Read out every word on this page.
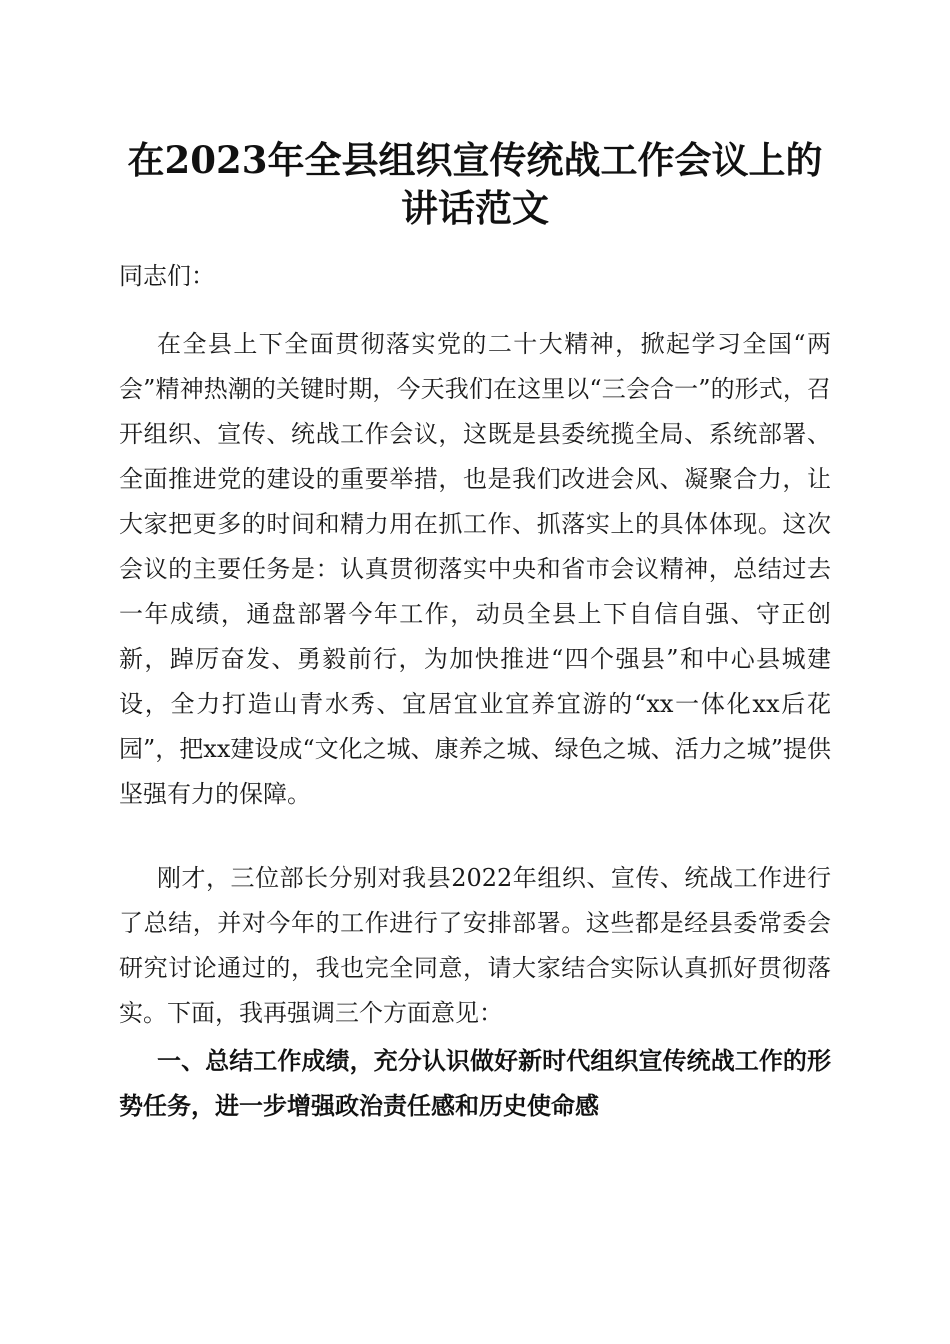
在2023年全县组织宣传统战工作会议上的讲话范文

同志们：

在全县上下全面贯彻落实党的二十大精神，掀起学习全国“两会”精神热潮的关键时期，今天我们在这里以“三会合一”的形式，召开组织、宣传、统战工作会议，这既是县委统揽全局、系统部署、全面推进党的建设的重要举措，也是我们改进会风、凝聚合力，让大家把更多的时间和精力用在抓工作、抓落实上的具体体现。这次会议的主要任务是：认真贯彻落实中央和省市会议精神，总结过去一年成绩，通盘部署今年工作，动员全县上下自信自强、守正创新，踔厉奋发、勇毅前行，为加快推进“四个强县”和中心县城建设，全力打造山青水秀、宜居宜业宜养宜游的“xx一体化xx后花园”，把xx建设成“文化之城、康养之城、绿色之城、活力之城”提供坚强有力的保障。

刚才，三位部长分别对我县2022年组织、宣传、统战工作进行了总结，并对今年的工作进行了安排部署。这些都是经县委常委会研究讨论通过的，我也完全同意，请大家结合实际认真抓好贯彻落实。下面，我再强调三个方面意见：

一、总结工作成绩，充分认识做好新时代组织宣传统战工作的形势任务，进一步增强政治责任感和历史使命感
